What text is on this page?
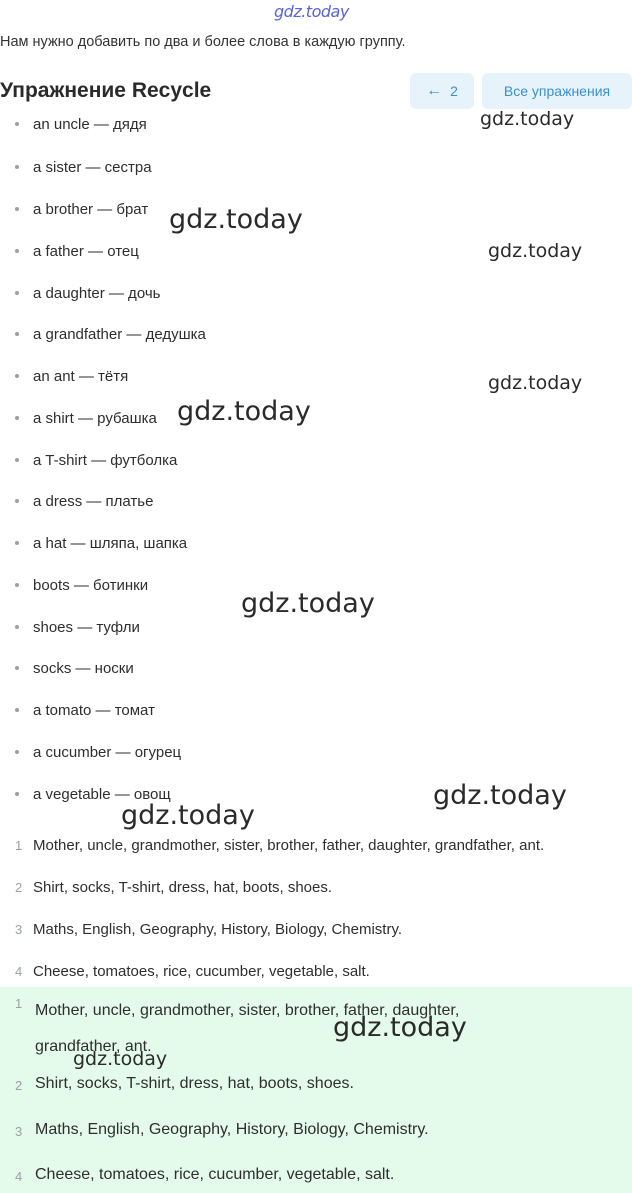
gdz.today
Нам нужно добавить по два и более слова в каждую группу.
Упражнение Recycle	← 2	Все упражнения
an uncle — дядя
a sister — сестра
a brother — брат
a father — отец
a daughter — дочь
a grandfather — дедушка
an ant — тётя
a shirt — рубашка
a T-shirt — футболка
a dress — платье
a hat — шляпа, шапка
boots — ботинки
shoes — туфли
socks — носки
a tomato — томат
a cucumber — огурец
a vegetable — овощ
1 Mother, uncle, grandmother, sister, brother, father, daughter, grandfather, ant.
2 Shirt, socks, T-shirt, dress, hat, boots, shoes.
3 Maths, English, Geography, History, Biology, Chemistry.
4 Cheese, tomatoes, rice, cucumber, vegetable, salt.
1 Mother, uncle, grandmother, sister, brother, father, daughter,
grandfather, ant.
2 Shirt, socks, T-shirt, dress, hat, boots, shoes.
3 Maths, English, Geography, History, Biology, Chemistry.
4 Cheese, tomatoes, rice, cucumber, vegetable, salt.
gdz.today
gdz.today
gdz.today
gdz.today
gdz.today
gdz.today
gdz.today
gdz.today
gdz.today
gdz.today
